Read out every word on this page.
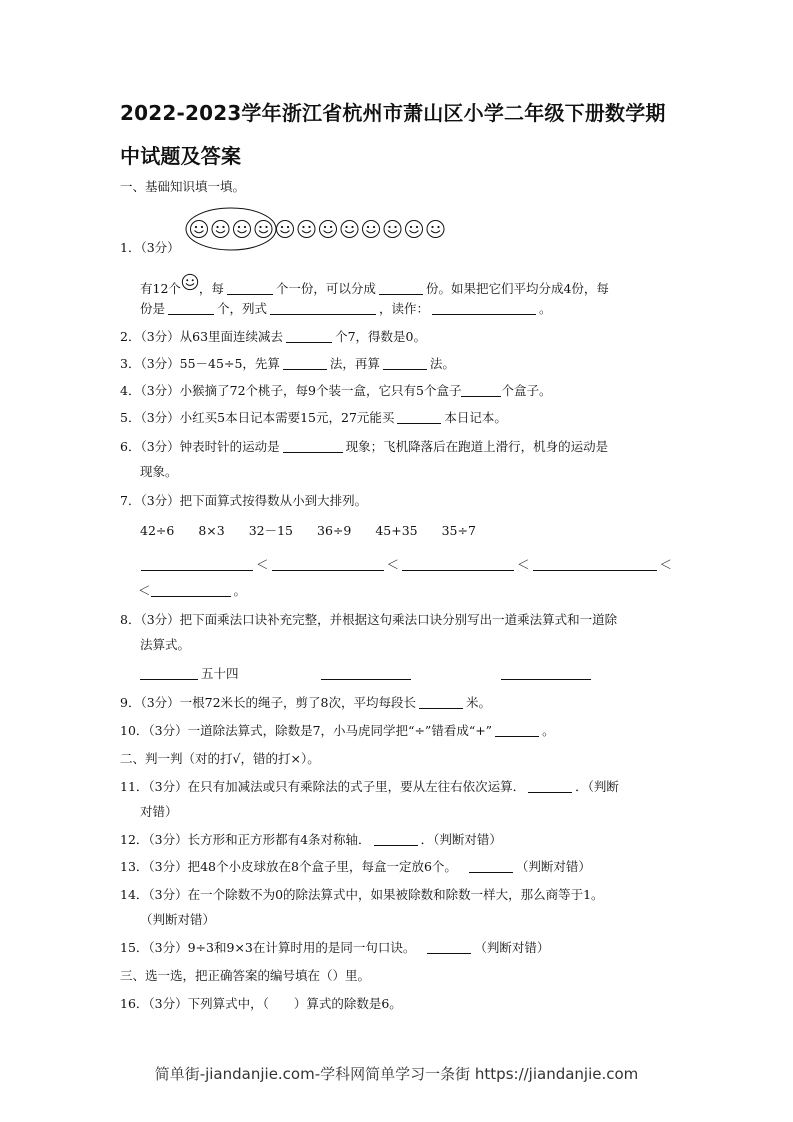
2022-2023学年浙江省杭州市萧山区小学二年级下册数学期
中试题及答案
一、基础知识填一填。
1．（3分）
有12个 ，每	个一份，可以分成	份。如果把它们平均分成4份，每
份是	个，列式	，读作：	。
2．（3分）从63里面连续减去	个7，得数是0。
3．（3分）55－45÷5，先算	法，再算	法。
4．（3分）小猴摘了72个桃子，每9个装一盒，它只有5个盒子	个盒子。
5．（3分）小红买5本日记本需要15元，27元能买	本日记本。
6．（3分）钟表时针的运动是	现象；飞机降落后在跑道上滑行，机身的运动是
现象。
7．（3分）把下面算式按得数从小到大排列。
42÷6 8×3 32－15 36÷9 45+35 35÷7
＜	＜	＜	＜
＜	。
8．（3分）把下面乘法口诀补充完整，并根据这句乘法口诀分别写出一道乘法算式和一道除
法算式。
五十四
9．（3分）一根72米长的绳子，剪了8次，平均每段长	米。
10．（3分）一道除法算式，除数是7，小马虎同学把“÷”错看成“+”	。
二、判一判（对的打√，错的打×）。
11．（3分）在只有加减法或只有乘除法的式子里，要从左往右依次运算．	．（判断
对错）
12．（3分）长方形和正方形都有4条对称轴．	．（判断对错）
13．（3分）把48个小皮球放在8个盒子里，每盒一定放6个。	（判断对错）
14．（3分）在一个除数不为0的除法算式中，如果被除数和除数一样大，那么商等于1。
（判断对错）
15．（3分）9÷3和9×3在计算时用的是同一句口诀。	（判断对错）
三、选一选，把正确答案的编号填在（）里。
16．（3分）下列算式中，（　　）算式的除数是6。
简单街-jiandanjie.com-学科网简单学习一条街 https://jiandanjie.com
